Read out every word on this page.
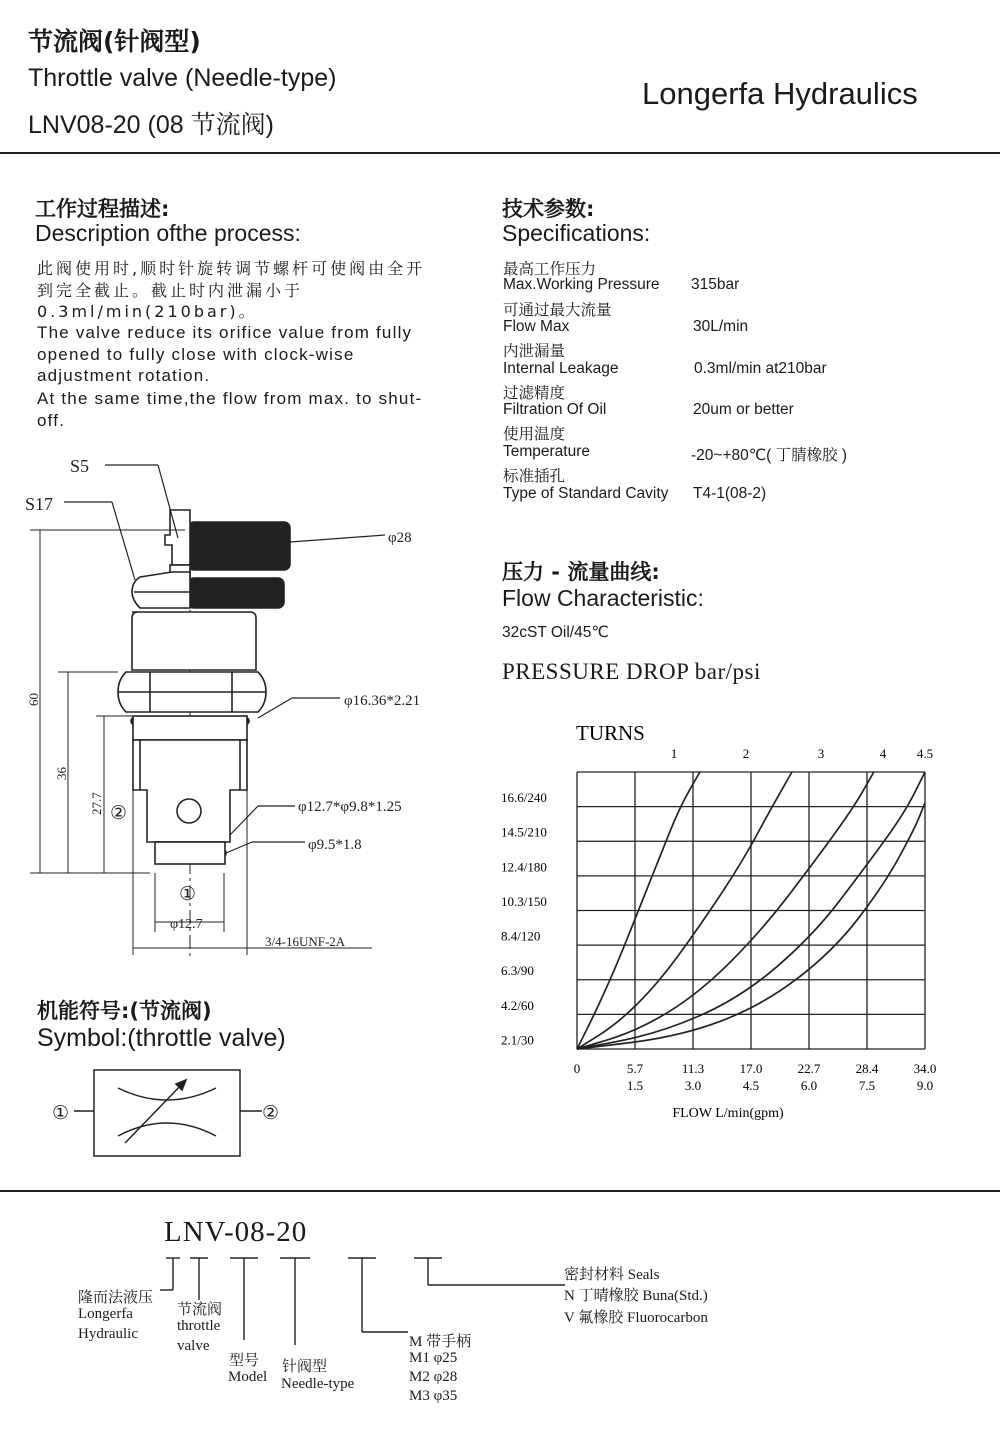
节流阀(针阀型)
Throttle valve (Needle-type)
LNV08-20 (08 节流阀)
Longerfa Hydraulics
工作过程描述:
Description ofthe process:
此阀使用时,顺时针旋转调节螺杆可使阀由全开到完全截止。截止时内泄漏小于0.3ml/min(210bar)。
The valve reduce its orifice value from fully opened to fully close with clock-wise adjustment rotation.
At the same time,the flow from max. to shut-off.
技术参数:
Specifications:
最高工作压力
Max.Working Pressure 315bar
可通过最大流量
Flow Max	30L/min
内泄漏量
Internal Leakage	0.3ml/min at210bar
过滤精度
Filtration Of Oil	20um or better
使用温度
Temperature	-20~+80℃( 丁腈橡胶 )
标准插孔
Type of Standard Cavity T4-1(08-2)
压力 - 流量曲线:
Flow Characteristic:
32cST Oil/45℃
PRESSURE DROP bar/psi
TURNS
2.1/30
4.2/60
6.3/90
8.4/120
10.3/150
12.4/180
14.5/210
16.6/240
0	5.7	11.3	17.0	22.7	28.4	34.0
1.5	3.0	4.5	6.0	7.5	9.0
1	2	3	4 4.5
FLOW L/min(gpm)
S5
S17
φ28
φ16.36*2.21
φ12.7*φ9.8*1.25
φ9.5*1.8
60
36
27.7 ②
①
φ12.7
3/4-16UNF-2A
机能符号:(节流阀)
Symbol:(throttle valve)
①	②
LNV-08-20
隆而法液压
Longerfa
Hydraulic
节流阀
throttle
valve
型号
Model
针阀型
Needle-type
密封材料 Seals
N 丁晴橡胶 Buna(Std.)
V 氟橡胶 Fluorocarbon
M 带手柄
M1 φ25
M2 φ28
M3 φ35
